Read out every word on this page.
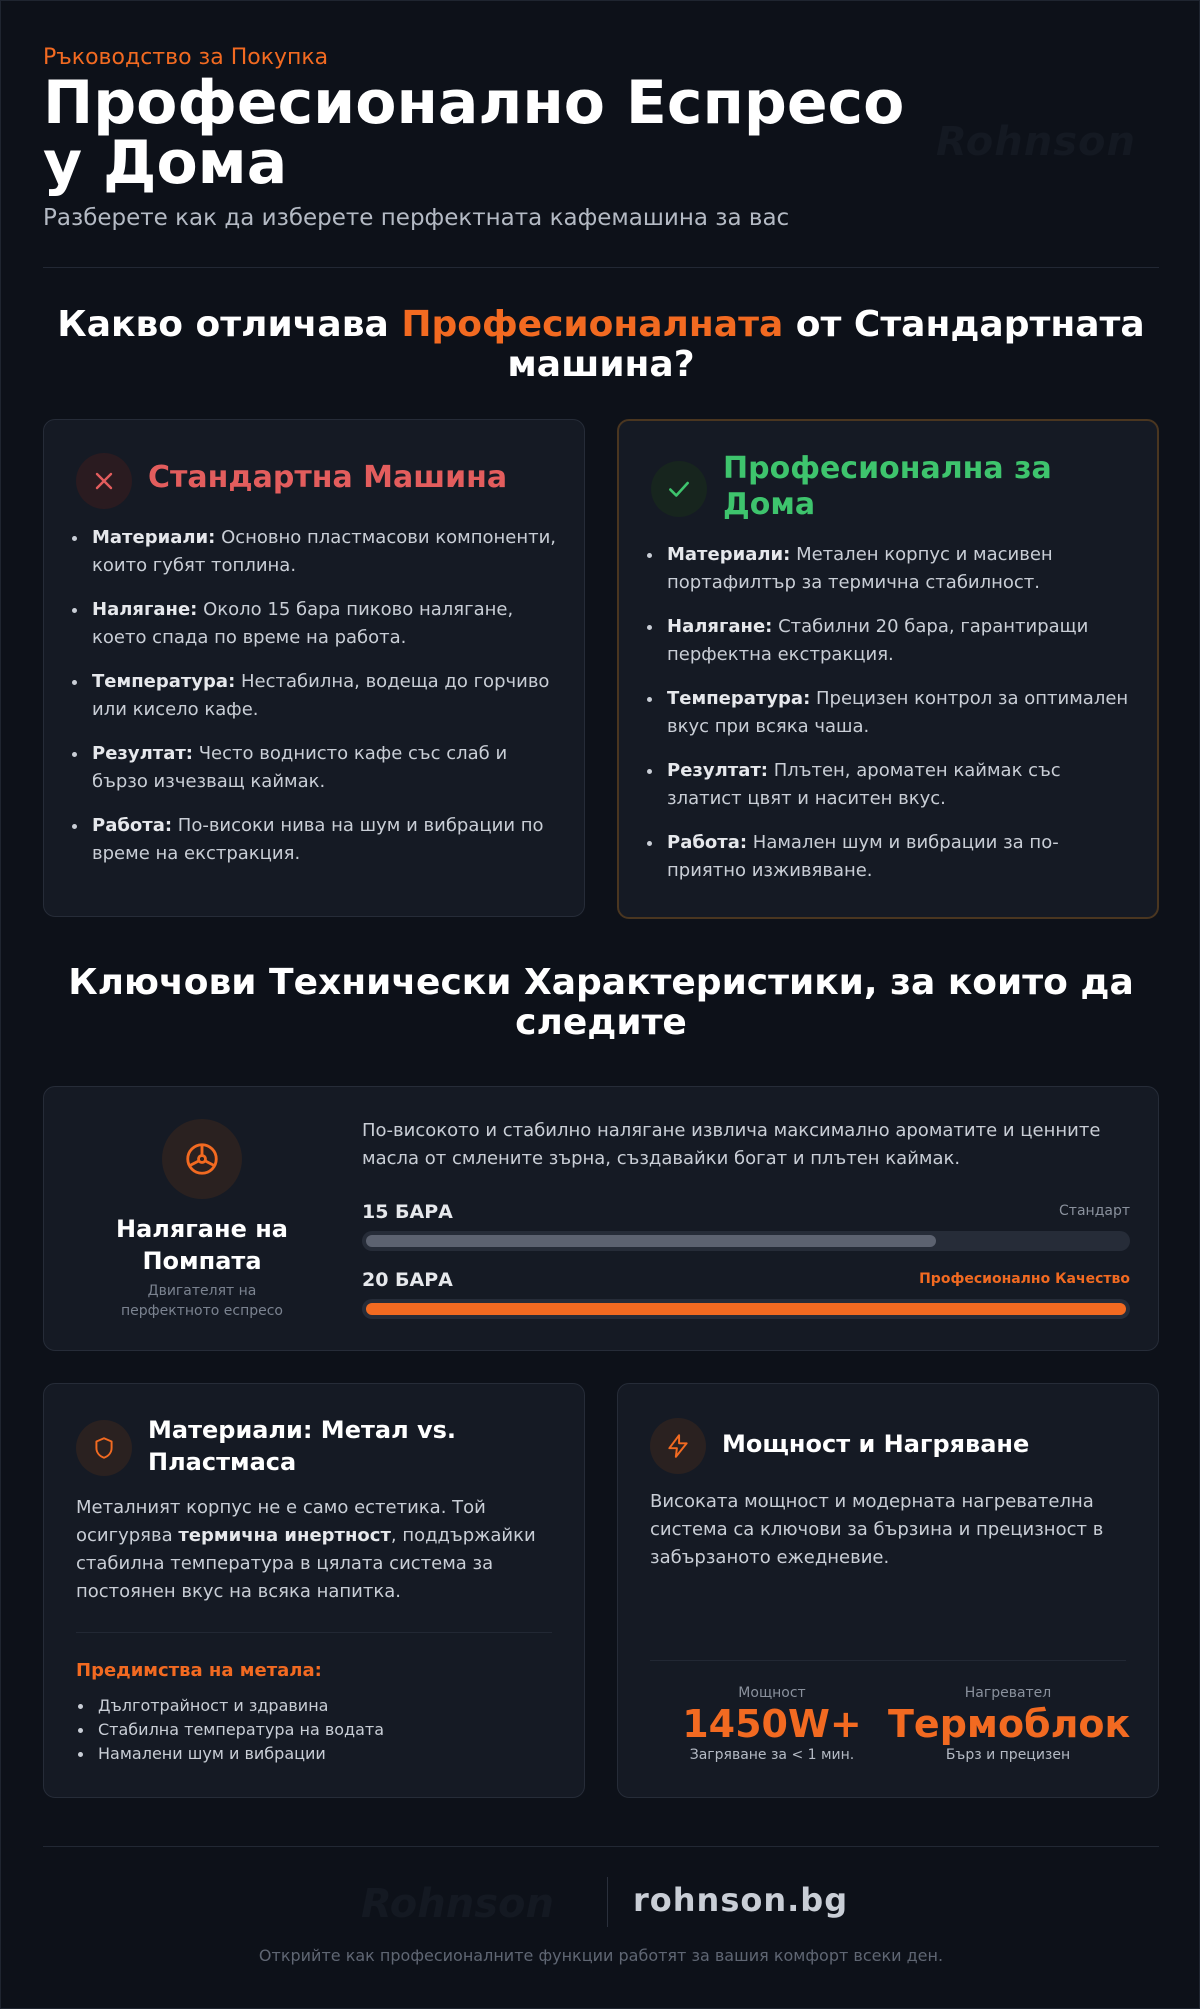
Ръководство за Покупка
Професионално Еспресо у Дома	Rohnson
Разберете как да изберете перфектната кафемашина за вас
Какво отличава Професионалната от Стандартната машина?
Стандартна Машина
Материали: Основно пластмасови компоненти, които губят топлина.
Налягане: Около 15 бара пиково налягане, което спада по време на работа.
Температура: Нестабилна, водеща до горчиво или кисело кафе.
Резултат: Често воднисто кафе със слаб и бързо изчезващ каймак.
Работа: По-високи нива на шум и вибрации по време на екстракция.
Професионална за Дома
Материали: Метален корпус и масивен портафилтър за термична стабилност.
Налягане: Стабилни 20 бара, гарантиращи перфектна екстракция.
Температура: Прецизен контрол за оптимален вкус при всяка чаша.
Резултат: Плътен, ароматен каймак със златист цвят и наситен вкус.
Работа: Намален шум и вибрации за по-приятно изживяване.
Ключови Технически Характеристики, за които да следите
Налягане на Помпата
Двигателят на перфектното еспресо
По-високото и стабилно налягане извлича максимално ароматите и ценните масла от смлените зърна, създавайки богат и плътен каймак.
15 БАРА	Стандарт
20 БАРА	Професионално Качество
Материали: Метал vs. Пластмаса
Металният корпус не е само естетика. Той осигурява термична инертност, поддържайки стабилна температура в цялата система за постоянен вкус на всяка напитка.
Предимства на метала:
Дълготрайност и здравина
Стабилна температура на водата
Намалени шум и вибрации
Мощност и Нагряване
Високата мощност и модерната нагревателна система са ключови за бързина и прецизност в забързаното ежедневие.
Мощност
1450W+
Загряване за < 1 мин.
Нагревател
Термоблок
Бърз и прецизен
Rohnson rohnson.bg
Открийте как професионалните функции работят за вашия комфорт всеки ден.
